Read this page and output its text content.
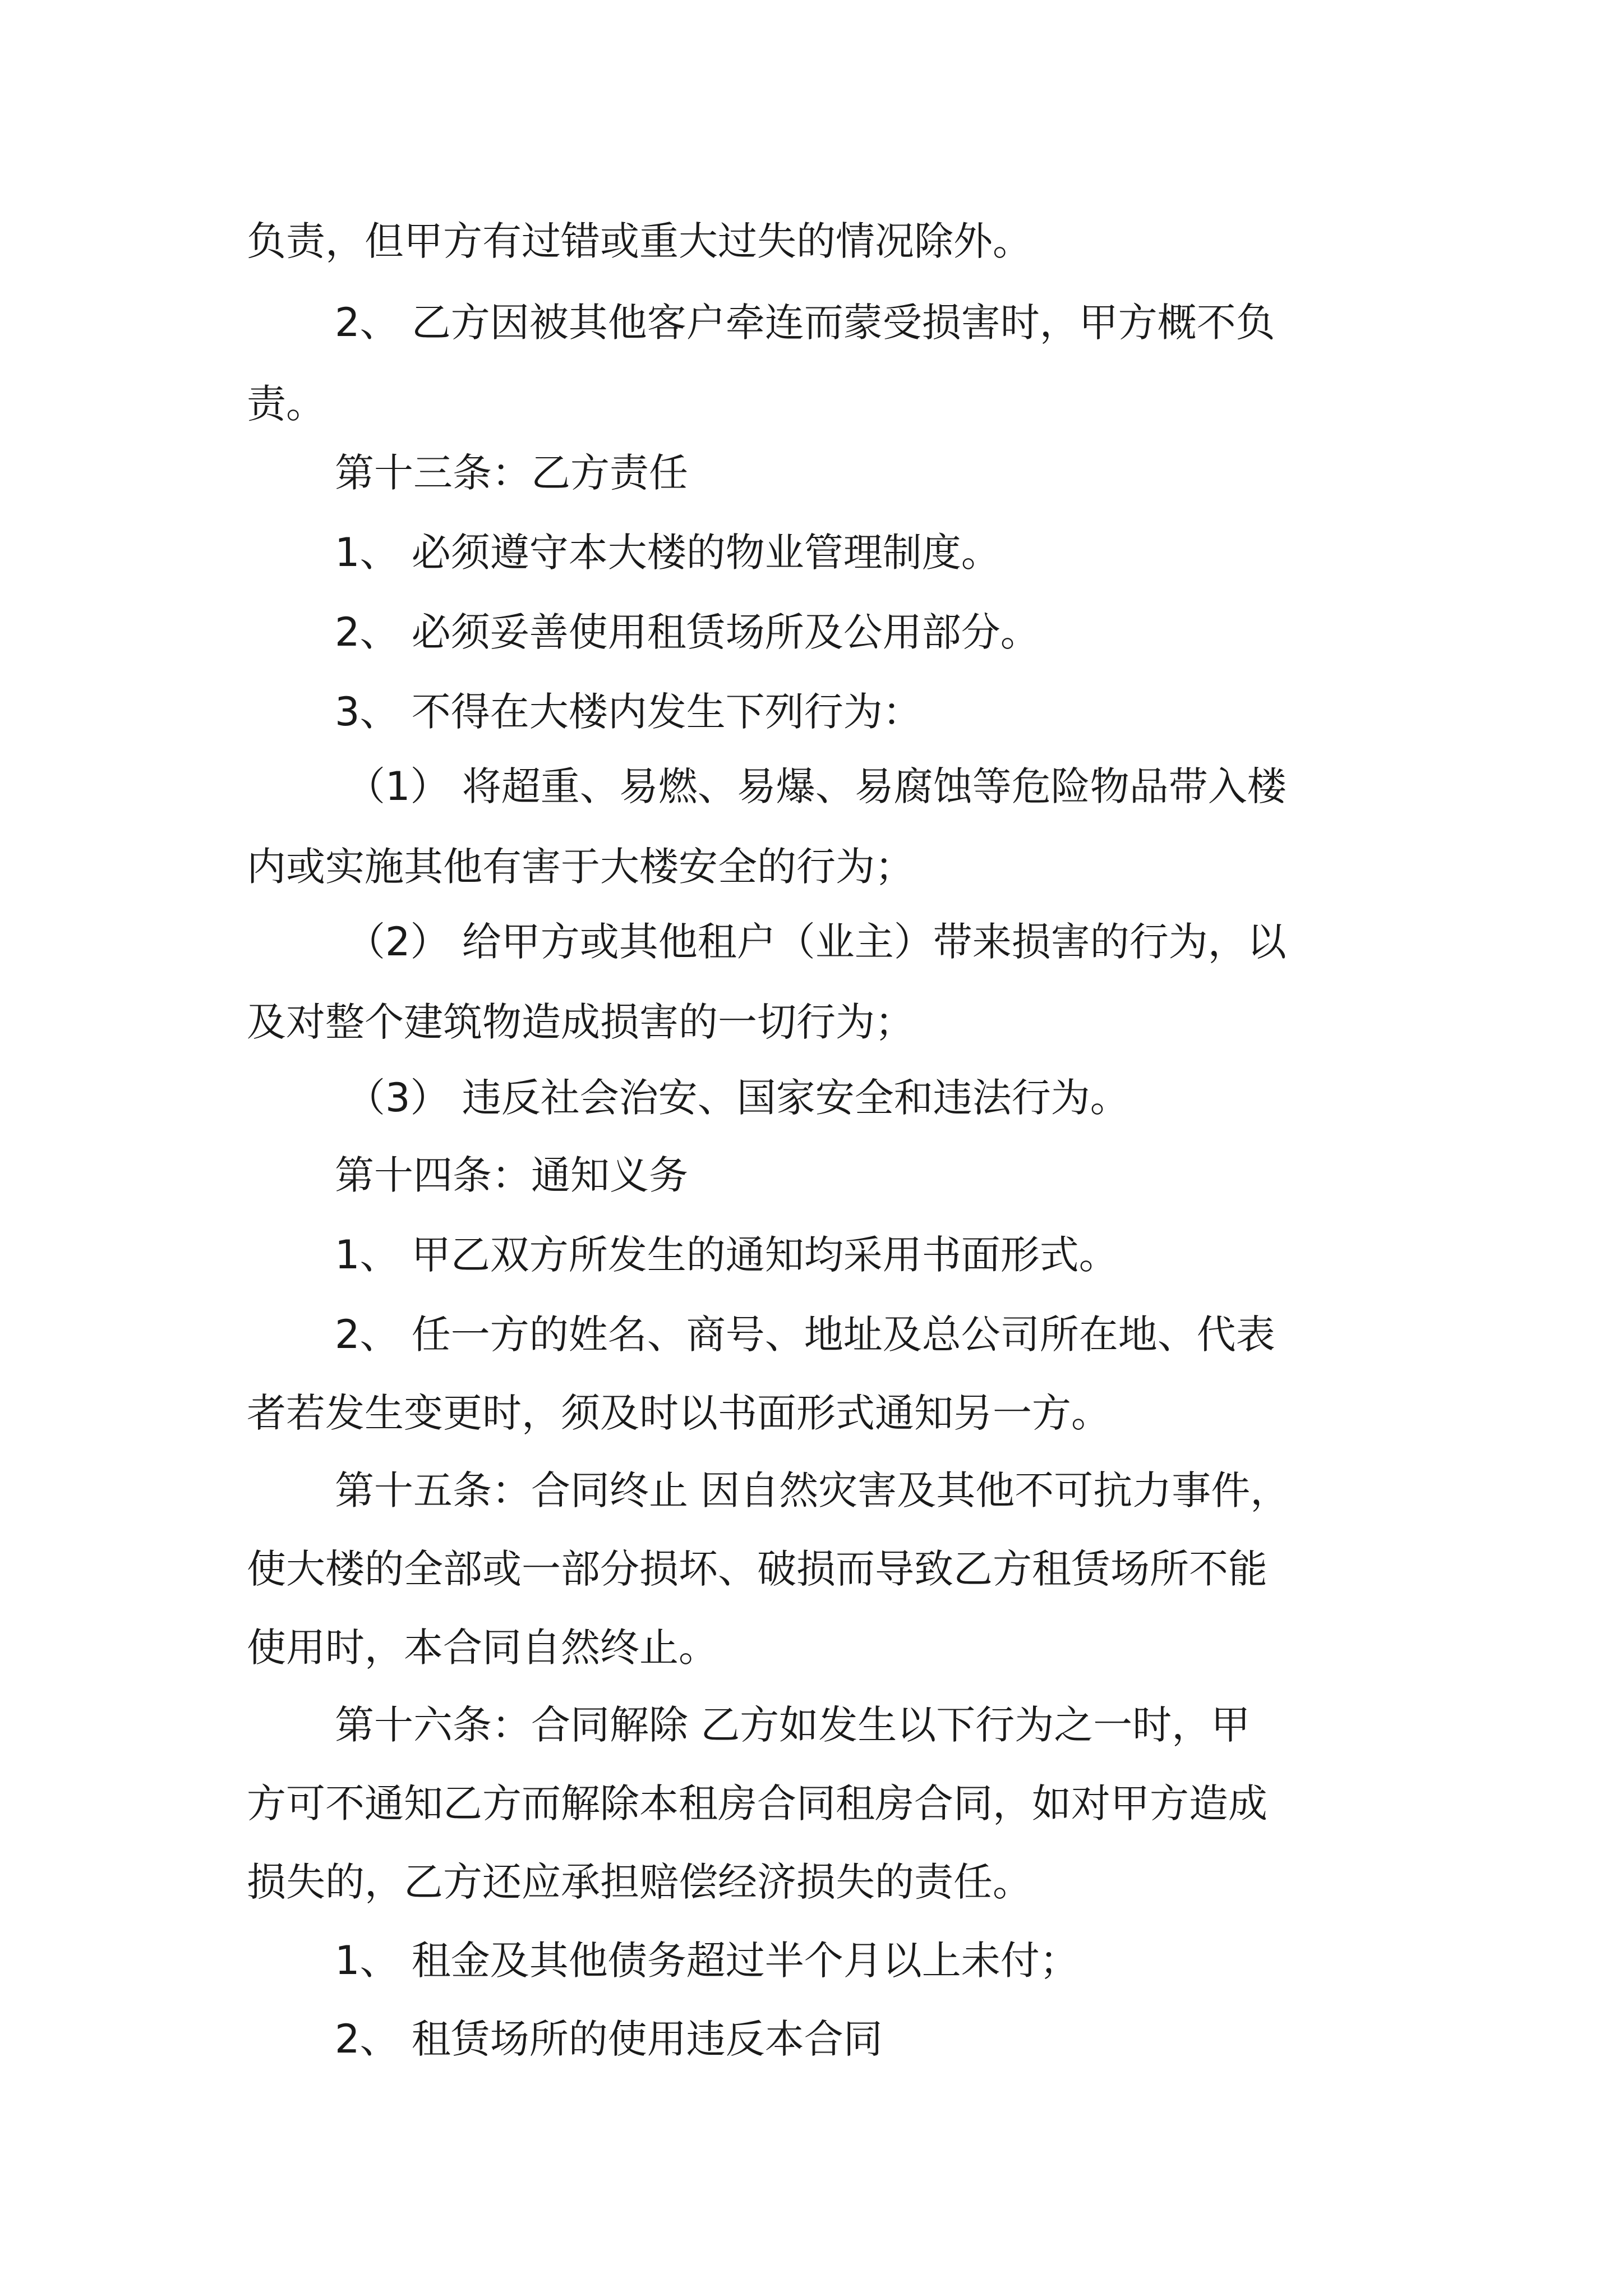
负责，但甲方有过错或重大过失的情况除外。
2、 乙方因被其他客户牵连而蒙受损害时，甲方概不负
责。
第十三条：乙方责任
1、 必须遵守本大楼的物业管理制度。
2、 必须妥善使用租赁场所及公用部分。
3、 不得在大楼内发生下列行为：
（1） 将超重、易燃、易爆、易腐蚀等危险物品带入楼
内或实施其他有害于大楼安全的行为；
（2） 给甲方或其他租户（业主）带来损害的行为，以
及对整个建筑物造成损害的一切行为；
（3） 违反社会治安、国家安全和违法行为。
第十四条：通知义务
1、 甲乙双方所发生的通知均采用书面形式。
2、 任一方的姓名、商号、地址及总公司所在地、代表
者若发生变更时，须及时以书面形式通知另一方。
第十五条：合同终止 因自然灾害及其他不可抗力事件，
使大楼的全部或一部分损坏、破损而导致乙方租赁场所不能
使用时，本合同自然终止。
第十六条：合同解除 乙方如发生以下行为之一时，甲
方可不通知乙方而解除本租房合同租房合同，如对甲方造成
损失的，乙方还应承担赔偿经济损失的责任。
1、 租金及其他债务超过半个月以上未付；
2、 租赁场所的使用违反本合同
